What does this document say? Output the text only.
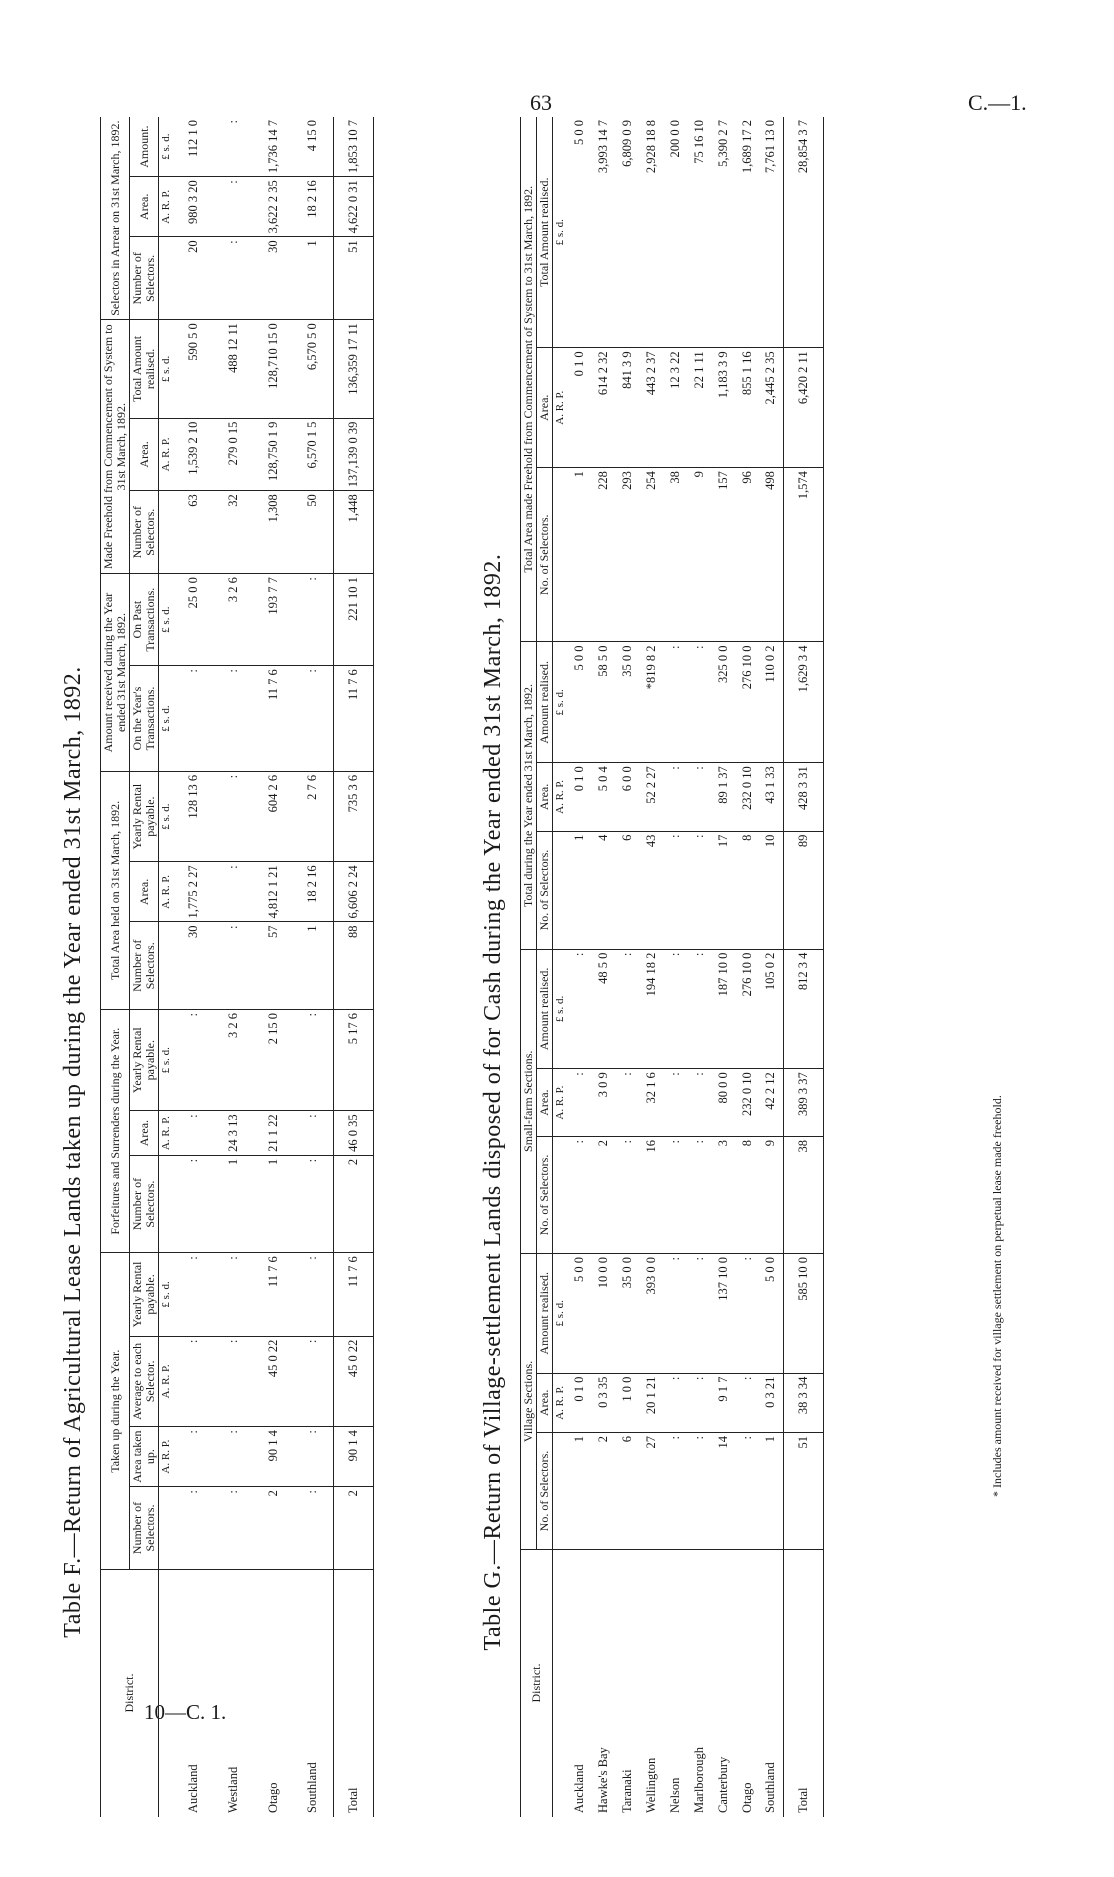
63	C.—1.
10—C. 1.
Table F.—Return of Agricultural Lease Lands taken up during the Year ended 31st March, 1892.
District.	Taken up during the Year.				Forfeitures and Surrenders during the Year.			Total Area held on 31st March, 1892.			Amount received during the Year ended 31st March, 1892.		Made Freehold from Commencement of System to 31st March, 1892.			Selectors in Arrear on 31st March, 1892.		
	Number of Selectors.	Area taken up.	Average to each Selector.	Yearly Rental payable.	Number of Selectors.	Area.	Yearly Rental payable.	Number of Selectors.	Area.	Yearly Rental payable.	On the Year's Transactions.	On Past Transactions.	Number of Selectors.	Area.	Total Amount realised.	Number of Selectors.	Area.	Amount.
		A. R. P.	A. R. P.	£ s. d.		A. R. P.	£ s. d.		A. R. P.	£ s. d.	£ s. d.	£ s. d.		A. R. P.	£ s. d.		A. R. P.	£ s. d.
Auckland	:	:	:	:	:	:	:	30	1,775 2 27	128 13 6	:	25 0 0	63	1,539 2 10	590 5 0	20	980 3 20	112 1 0
Westland	:	:	:	:	1	24 3 13	3 2 6	:	:	:	:	3 2 6	32	279 0 15	488 12 11	:	:	:
Otago	2	90 1 4	45 0 22	11 7 6	1	21 1 22	2 15 0	57	4,812 1 21	604 2 6	11 7 6	193 7 7	1,308	128,750 1 9	128,710 15 0	30	3,622 2 35	1,736 14 7
Southland	:	:	:	:	:	:	:	1	18 2 16	2 7 6	:	:	50	6,570 1 5	6,570 5 0	1	18 2 16	4 15 0
Total	2	90 1 4	45 0 22	11 7 6	2	46 0 35	5 17 6	88	6,606 2 24	735 3 6	11 7 6	221 10 1	1,448	137,139 0 39	136,359 17 11	51	4,622 0 31	1,853 10 7
Table G.—Return of Village-settlement Lands disposed of for Cash during the Year ended 31st March, 1892.
District.	Village Sections.			Small-farm Sections.			Total during the Year ended 31st March, 1892.			Total Area made Freehold from Commencement of System to 31st March, 1892.		
	No. of Selectors.	Area.	Amount realised.	No. of Selectors.	Area.	Amount realised.	No. of Selectors.	Area.	Amount realised.	No. of Selectors.	Area.	Total Amount realised.
		A. R. P.	£ s. d.		A. R. P.	£ s. d.		A. R. P.	£ s. d.		A. R. P.	£ s. d.
Auckland	1	0 1 0	5 0 0	:	:	:	1	0 1 0	5 0 0	1	0 1 0	5 0 0
Hawke's Bay	2	0 3 35	10 0 0	2	3 0 9	48 5 0	4	5 0 4	58 5 0	228	614 2 32	3,993 14 7
Taranaki	6	1 0 0	35 0 0	:	:	:	6	6 0 0	35 0 0	293	841 3 9	6,809 0 9
Wellington	27	20 1 21	393 0 0	16	32 1 6	194 18 2	43	52 2 27	*819 8 2	254	443 2 37	2,928 18 8
Nelson	:	:	:	:	:	:	:	:	:	38	12 3 22	200 0 0
Marlborough	:	:	:	:	:	:	:	:	:	9	22 1 11	75 16 10
Canterbury	14	9 1 7	137 10 0	3	80 0 0	187 10 0	17	89 1 37	325 0 0	157	1,183 3 9	5,390 2 7
Otago	:	:	:	8	232 0 10	276 10 0	8	232 0 10	276 10 0	96	855 1 16	1,689 17 2
Southland	1	0 3 21	5 0 0	9	42 2 12	105 0 2	10	43 1 33	110 0 2	498	2,445 2 35	7,761 13 0
Total	51	38 3 34	585 10 0	38	389 3 37	812 3 4	89	428 3 31	1,629 3 4	1,574	6,420 2 11	28,854 3 7
* Includes amount received for village settlement on perpetual lease made freehold.
